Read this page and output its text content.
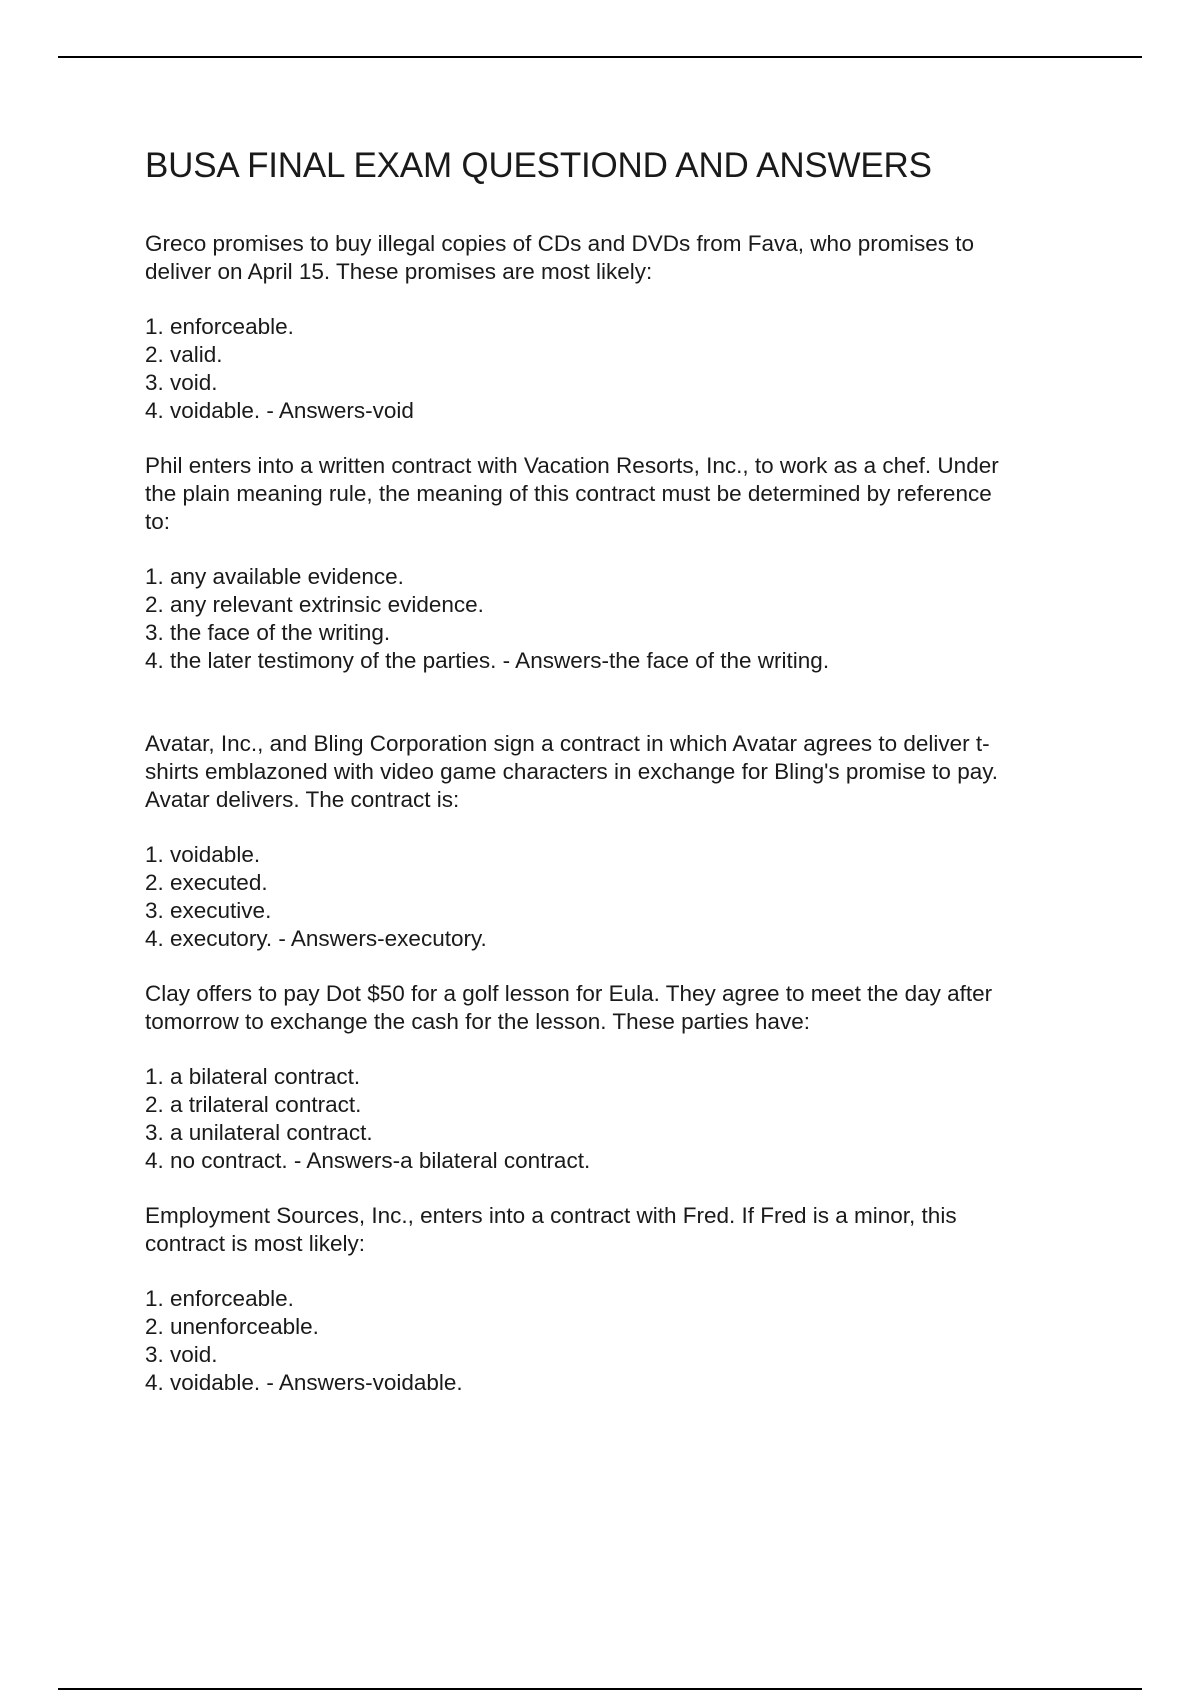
BUSA FINAL EXAM QUESTIOND AND ANSWERS

Greco promises to buy illegal copies of CDs and DVDs from Fava, who promises to
deliver on April 15. These promises are most likely:

1. enforceable.
2. valid.
3. void.
4. voidable. - Answers-void

Phil enters into a written contract with Vacation Resorts, Inc., to work as a chef. Under
the plain meaning rule, the meaning of this contract must be determined by reference
to:

1. any available evidence.
2. any relevant extrinsic evidence.
3. the face of the writing.
4. the later testimony of the parties. - Answers-the face of the writing.

Avatar, Inc., and Bling Corporation sign a contract in which Avatar agrees to deliver t-
shirts emblazoned with video game characters in exchange for Bling's promise to pay.
Avatar delivers. The contract is:

1. voidable.
2. executed.
3. executive.
4. executory. - Answers-executory.

Clay offers to pay Dot $50 for a golf lesson for Eula. They agree to meet the day after
tomorrow to exchange the cash for the lesson. These parties have:

1. a bilateral contract.
2. a trilateral contract.
3. a unilateral contract.
4. no contract. - Answers-a bilateral contract.

Employment Sources, Inc., enters into a contract with Fred. If Fred is a minor, this
contract is most likely:

1. enforceable.
2. unenforceable.
3. void.
4. voidable. - Answers-voidable.
